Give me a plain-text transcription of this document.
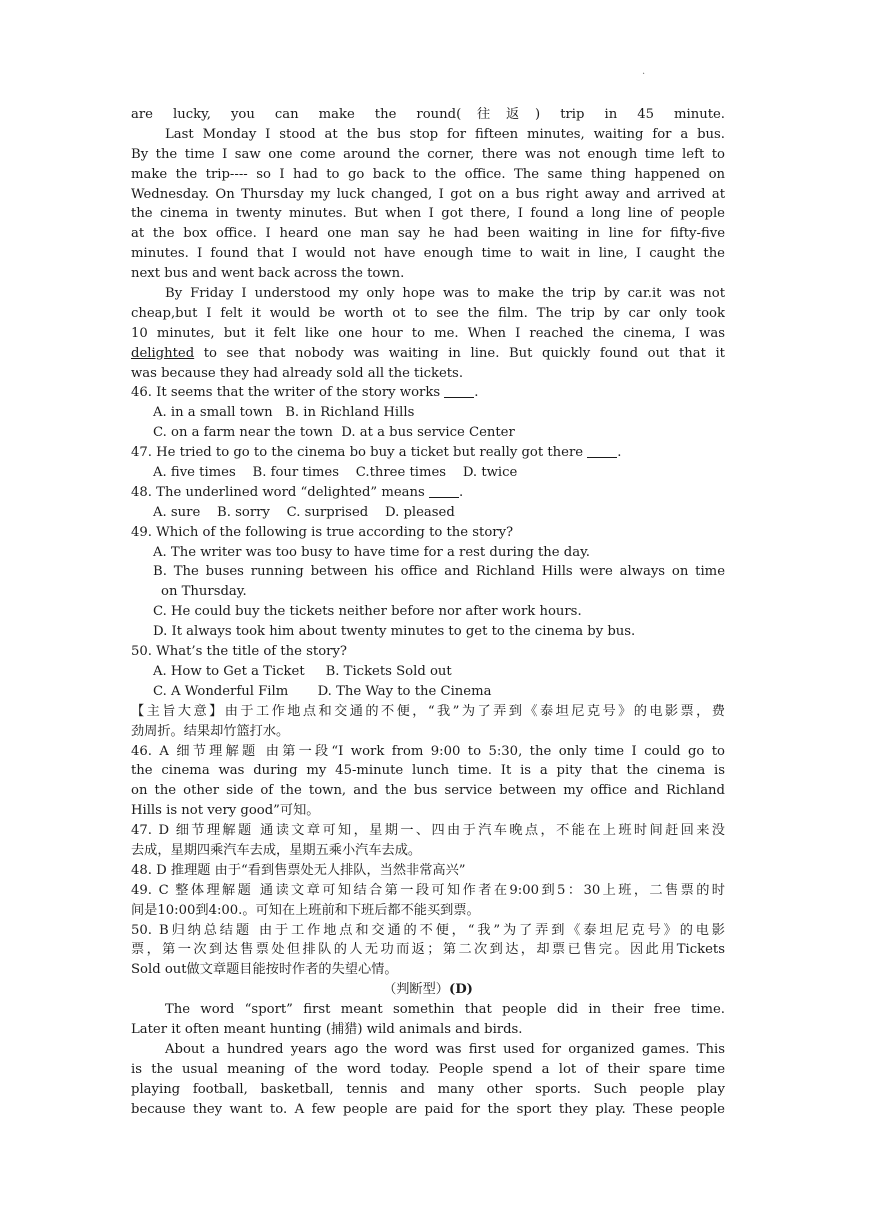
.
are lucky, you can make the round(往返) trip in 45 minute.
Last Monday I stood at the bus stop for fifteen minutes, waiting for a bus.
By the time I saw one come around the corner, there was not enough time left to
make the trip---- so I had to go back to the office. The same thing happened on
Wednesday. On Thursday my luck changed, I got on a bus right away and arrived at
the cinema in twenty minutes. But when I got there, I found a long line of people
at the box office. I heard one man say he had been waiting in line for fifty-five
minutes. I found that I would not have enough time to wait in line, I caught the
next bus and went back across the town.
By Friday I understood my only hope was to make the trip by car.it was not
cheap,but I felt it would be worth ot to see the film. The trip by car only took
10 minutes, but it felt like one hour to me. When I reached the cinema, I was
delighted to see that nobody was waiting in line. But quickly found out that it
was because they had already sold all the tickets.
46. It seems that the writer of the story works .
A. in a small town   B. in Richland Hills
C. on a farm near the town  D. at a bus service Center
47. He tried to go to the cinema bo buy a ticket but really got there .
A. five times    B. four times    C.three times    D. twice
48. The underlined word “delighted” means .
A. sure    B. sorry    C. surprised    D. pleased
49. Which of the following is true according to the story?
A. The writer was too busy to have time for a rest during the day.
B. The buses running between his office and Richland Hills were always on time
on Thursday.
C. He could buy the tickets neither before nor after work hours.
D. It always took him about twenty minutes to get to the cinema by bus.
50. What’s the title of the story?
A. How to Get a Ticket     B. Tickets Sold out
C. A Wonderful Film       D. The Way to the Cinema
【主旨大意】由于工作地点和交通的不便，“我”为了弄到《泰坦尼克号》的电影票，费
劲周折。结果却竹篮打水。
46. A 细节理解题 由第一段“I work from 9:00 to 5:30, the only time I could go to
the cinema was during my 45-minute lunch time. It is a pity that the cinema is
on the other side of the town, and the bus service between my office and Richland
Hills is not very good”可知。
47. D 细节理解题 通读文章可知，星期一、四由于汽车晚点，不能在上班时间赶回来没
去成，星期四乘汽车去成，星期五乘小汽车去成。
48. D 推理题 由于“看到售票处无人排队，当然非常高兴”
49. C 整体理解题 通读文章可知结合第一段可知作者在9:00到5：30上班，二售票的时
间是10:00到4:00.。可知在上班前和下班后都不能买到票。
50. B归纳总结题 由于工作地点和交通的不便，“我”为了弄到《泰坦尼克号》的电影
票，第一次到达售票处但排队的人无功而返；第二次到达，却票已售完。因此用Tickets
Sold out做文章题目能按时作者的失望心情。
（判断型）(D)
The word “sport” first meant somethin that people did in their free time.
Later it often meant hunting (捕猎) wild animals and birds.
About a hundred years ago the word was first used for organized games. This
is the usual meaning of the word today. People spend a lot of their spare time
playing football, basketball, tennis and many other sports. Such people play
because they want to. A few people are paid for the sport they play. These people
